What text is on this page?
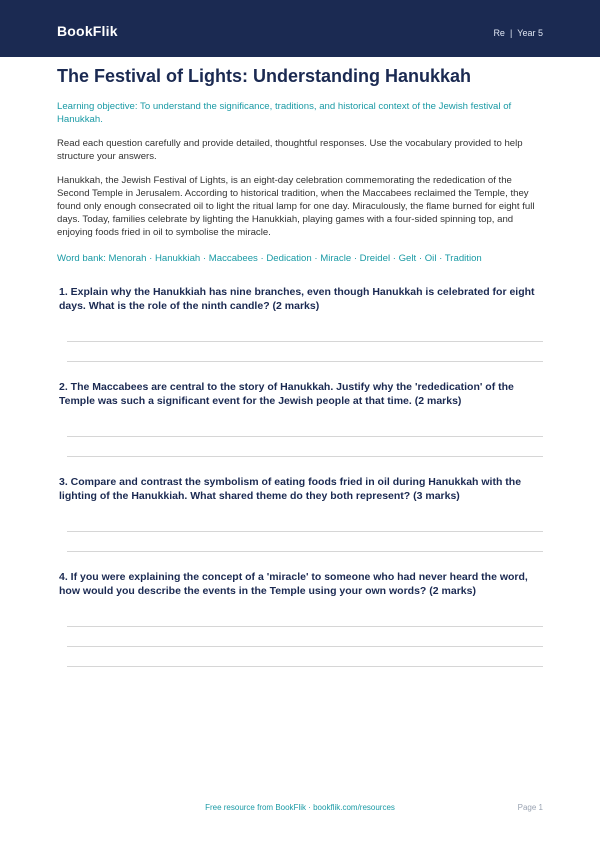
BookFlik	Re | Year 5
The Festival of Lights: Understanding Hanukkah
Learning objective: To understand the significance, traditions, and historical context of the Jewish festival of Hanukkah.
Read each question carefully and provide detailed, thoughtful responses. Use the vocabulary provided to help structure your answers.
Hanukkah, the Jewish Festival of Lights, is an eight-day celebration commemorating the rededication of the Second Temple in Jerusalem. According to historical tradition, when the Maccabees reclaimed the Temple, they found only enough consecrated oil to light the ritual lamp for one day. Miraculously, the flame burned for eight full days. Today, families celebrate by lighting the Hanukkiah, playing games with a four-sided spinning top, and enjoying foods fried in oil to symbolise the miracle.
Word bank: Menorah · Hanukkiah · Maccabees · Dedication · Miracle · Dreidel · Gelt · Oil · Tradition
1. Explain why the Hanukkiah has nine branches, even though Hanukkah is celebrated for eight days. What is the role of the ninth candle? (2 marks)
2. The Maccabees are central to the story of Hanukkah. Justify why the 'rededication' of the Temple was such a significant event for the Jewish people at that time. (2 marks)
3. Compare and contrast the symbolism of eating foods fried in oil during Hanukkah with the lighting of the Hanukkiah. What shared theme do they both represent? (3 marks)
4. If you were explaining the concept of a 'miracle' to someone who had never heard the word, how would you describe the events in the Temple using your own words? (2 marks)
Free resource from BookFlik · bookflik.com/resources	Page 1
